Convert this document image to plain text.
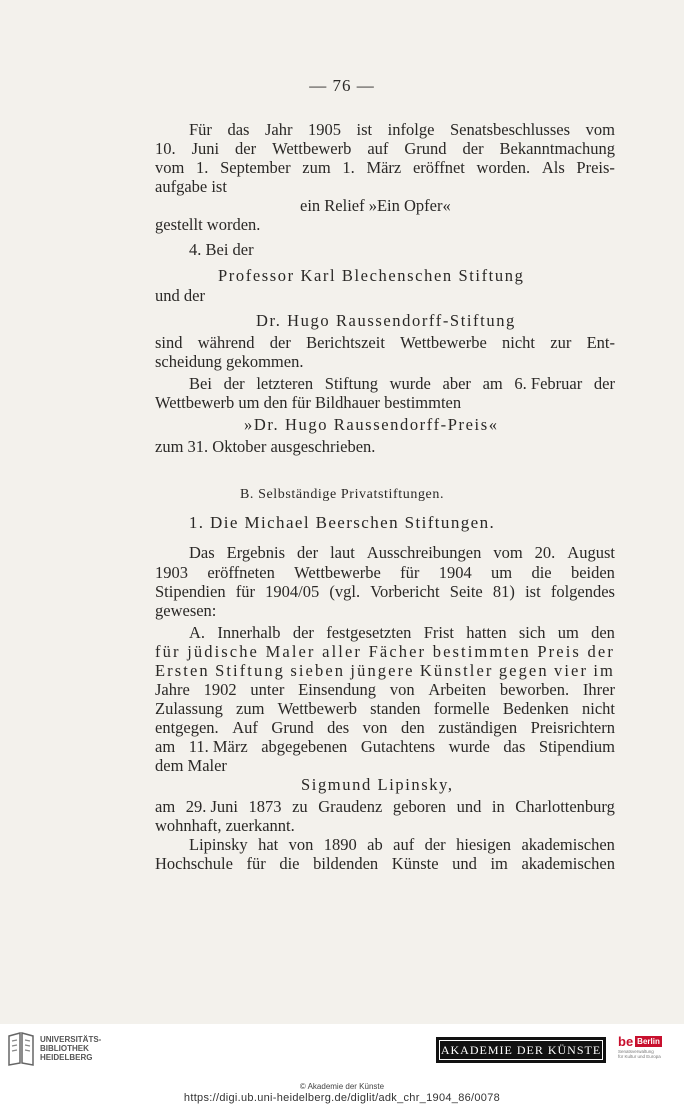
— 76 —
Für das Jahr 1905 ist infolge Senatsbeschlusses vom
10. Juni der Wettbewerb auf Grund der Bekanntmachung
vom 1. September zum 1. März eröffnet worden. Als Preis-
aufgabe ist
ein Relief »Ein Opfer«
gestellt worden.
4. Bei der
Professor Karl Blechenschen Stiftung
und der
Dr. Hugo Raussendorff-Stiftung
sind während der Berichtszeit Wettbewerbe nicht zur Ent-
scheidung gekommen.
Bei der letzteren Stiftung wurde aber am 6. Februar der
Wettbewerb um den für Bildhauer bestimmten
»Dr. Hugo Raussendorff-Preis«
zum 31. Oktober ausgeschrieben.
B. Selbständige Privatstiftungen.
1. Die Michael Beerschen Stiftungen.
Das Ergebnis der laut Ausschreibungen vom 20. August
1903 eröffneten Wettbewerbe für 1904 um die beiden
Stipendien für 1904/05 (vgl. Vorbericht Seite 81) ist folgendes
gewesen:
A. Innerhalb der festgesetzten Frist hatten sich um den
für jüdische Maler aller Fächer bestimmten Preis der
Ersten Stiftung sieben jüngere Künstler gegen vier im
Jahre 1902 unter Einsendung von Arbeiten beworben. Ihrer
Zulassung zum Wettbewerb standen formelle Bedenken nicht
entgegen. Auf Grund des von den zuständigen Preisrichtern
am 11. März abgegebenen Gutachtens wurde das Stipendium
dem Maler
Sigmund Lipinsky,
am 29. Juni 1873 zu Graudenz geboren und in Charlottenburg
wohnhaft, zuerkannt.
Lipinsky hat von 1890 ab auf der hiesigen akademischen
Hochschule für die bildenden Künste und im akademischen
UNIVERSITÄTS-
BIBLIOTHEK
HEIDELBERG
AKADEMIE DER KÜNSTE
be Berlin
Senatsverwaltung
für Kultur und Europa
© Akademie der Künste
https://digi.ub.uni-heidelberg.de/diglit/adk_chr_1904_86/0078
